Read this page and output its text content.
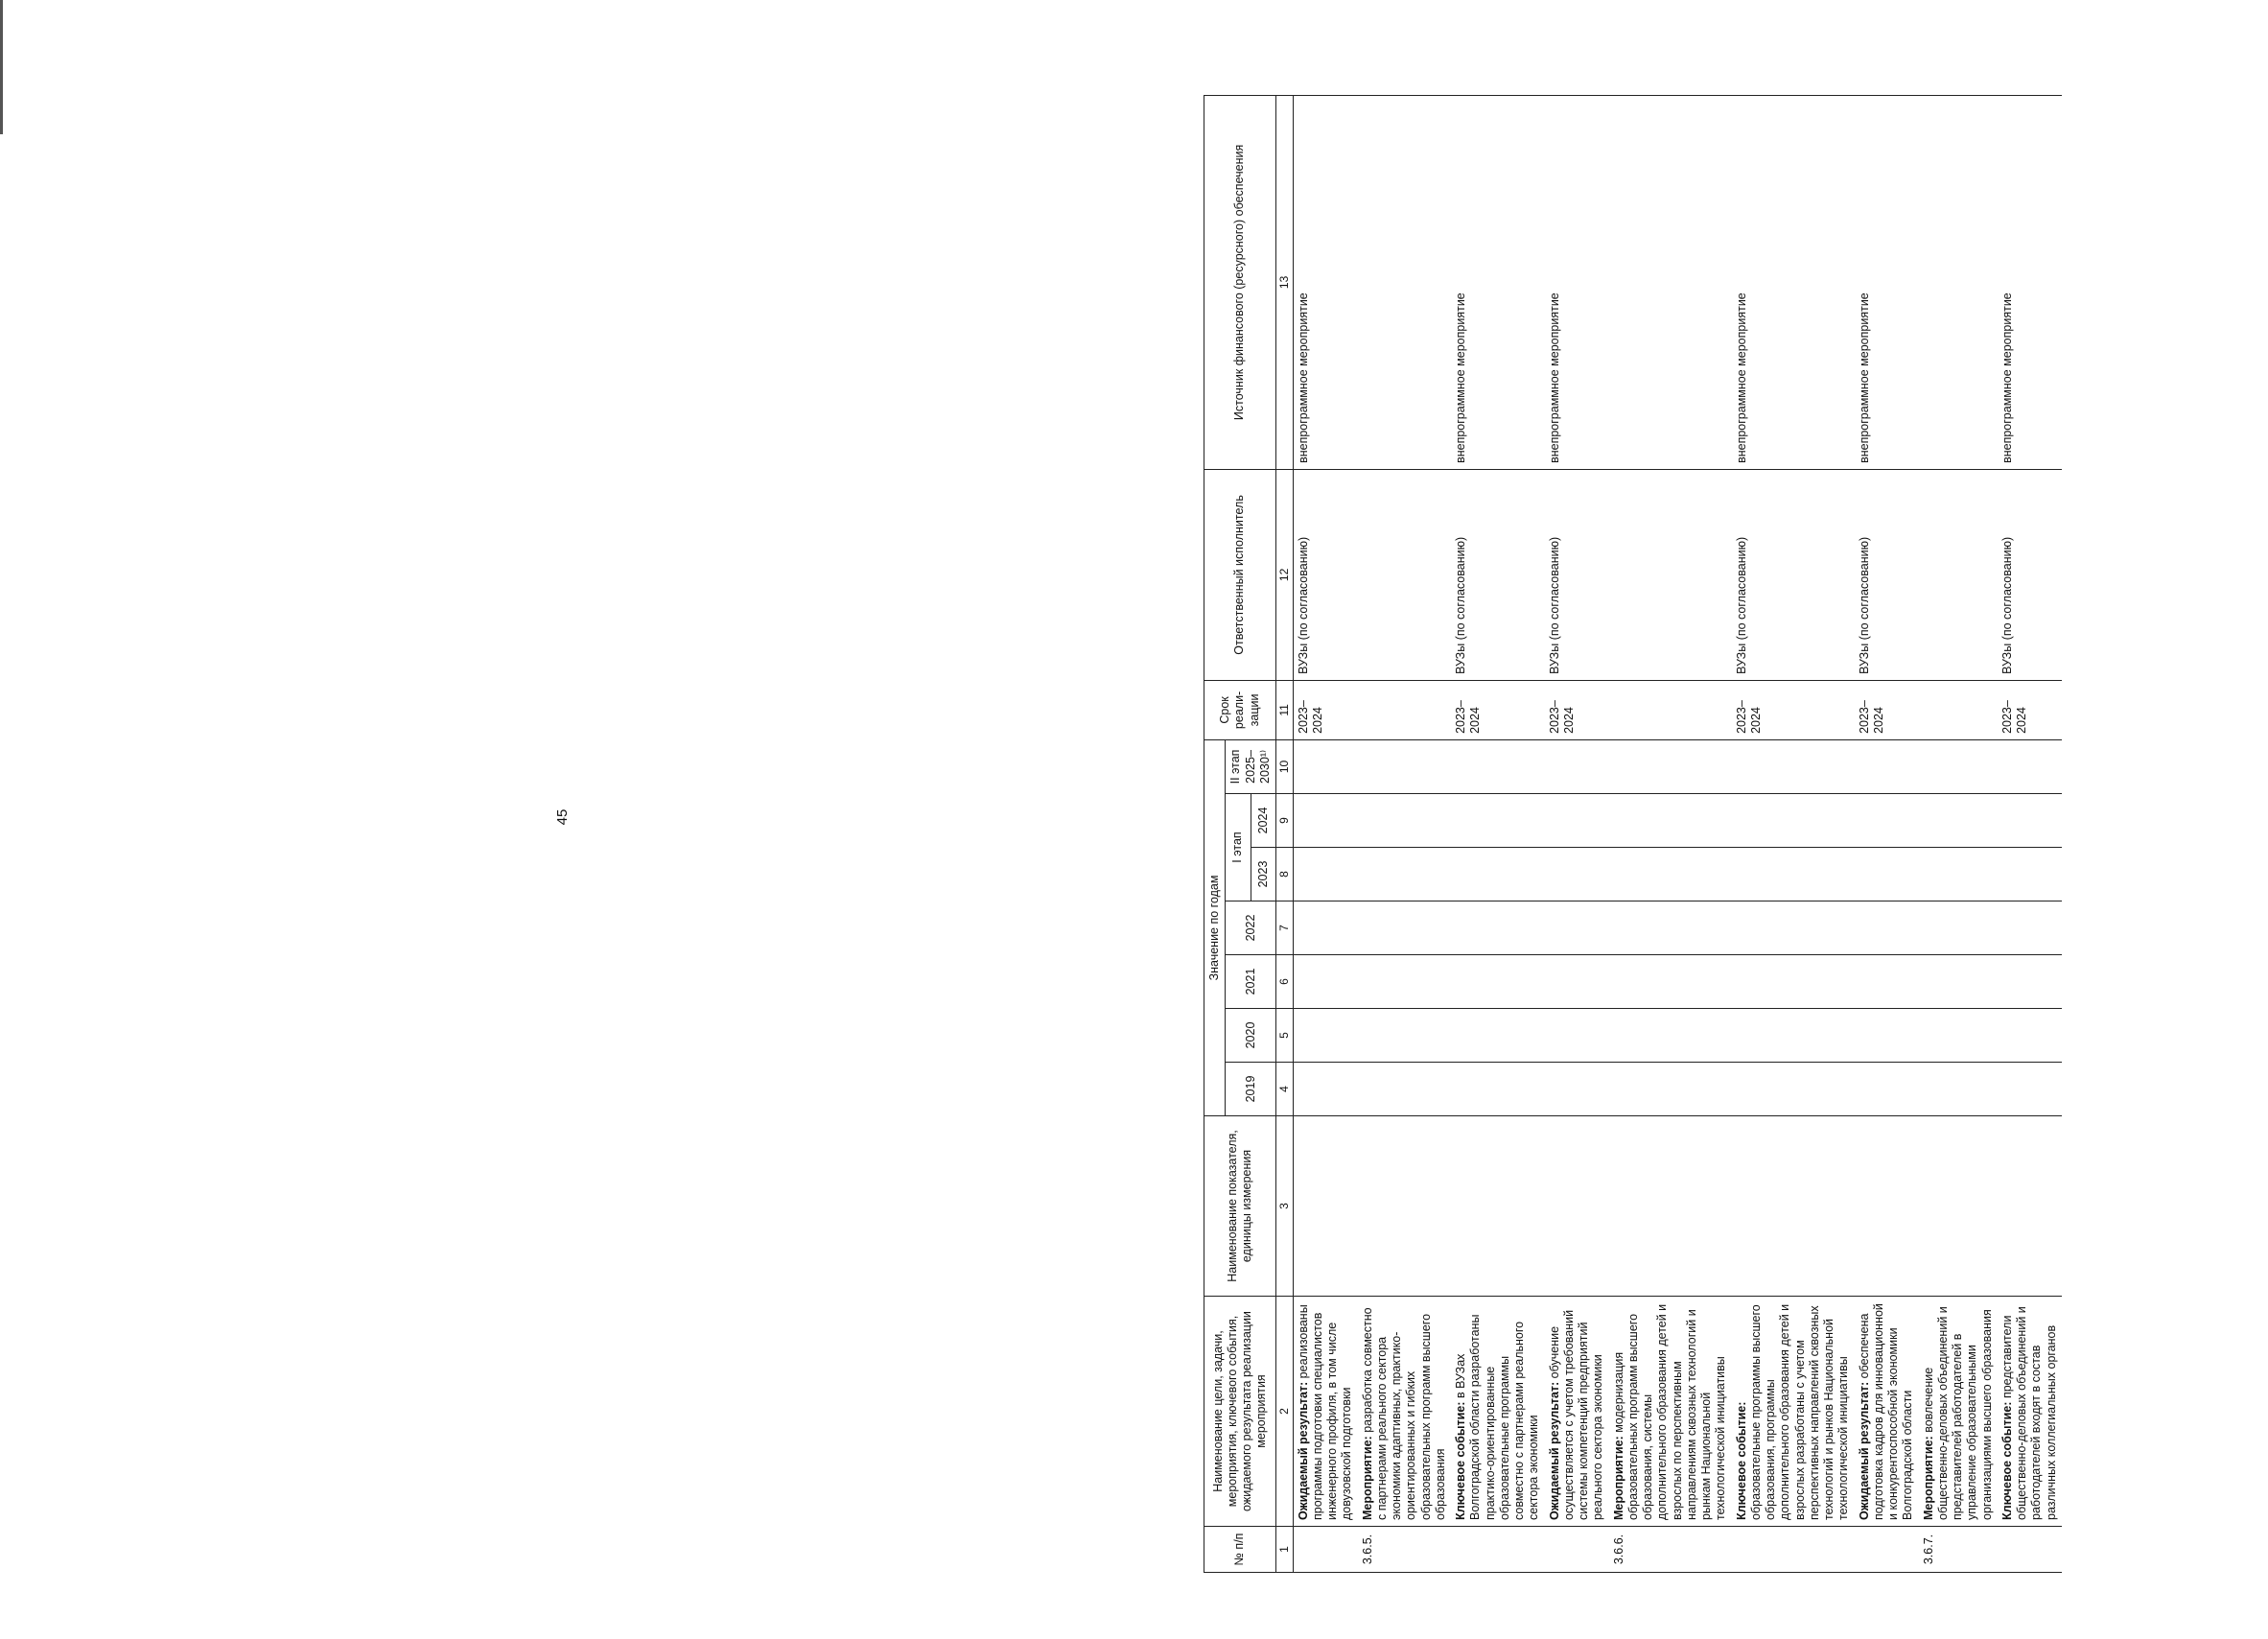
45
№ п/п	Наименование цели, задачи, мероприятия, ключевого события, ожидаемого результата реализации мероприятия	Наименование показателя, единицы измерения	Значение по годам							Срок реали-зации	Ответственный исполнитель	Источник финансового (ресурсного) обеспечения
			2019	2020	2021	2022	I этап		II этап 2025–2030¹⁾			
							2023	2024				
1	2	3	4	5	6	7	8	9	10	11	12	13
	Ожидаемый результат: реализованы программы подготовки специалистов инженерного профиля, в том числе довузовской подготовки									2023–2024	ВУЗы (по согласованию)	внепрограммное мероприятие
3.6.5.	Мероприятие: разработка совместно с партнерами реального сектора экономики адаптивных, практико-ориентированных и гибких образовательных программ высшего образования											
	Ключевое событие: в ВУЗах Волгоградской области разработаны практико-ориентированные образовательные программы совместно с партнерами реального сектора экономики									2023–2024	ВУЗы (по согласованию)	внепрограммное мероприятие
	Ожидаемый результат: обучение осуществляется с учетом требований системы компетенций предприятий реального сектора экономики									2023–2024	ВУЗы (по согласованию)	внепрограммное мероприятие
3.6.6.	Мероприятие: модернизация образовательных программ высшего образования, системы дополнительного образования детей и взрослых по перспективным направлениям сквозных технологий и рынкам Национальной технологической инициативы											
	Ключевое событие: образовательные программы высшего образования, программы дополнительного образования детей и взрослых разработаны с учетом перспективных направлений сквозных технологий и рынков Национальной технологической инициативы									2023–2024	ВУЗы (по согласованию)	внепрограммное мероприятие
	Ожидаемый результат: обеспечена подготовка кадров для инновационной и конкурентоспособной экономики Волгоградской области									2023–2024	ВУЗы (по согласованию)	внепрограммное мероприятие
3.6.7.	Мероприятие: вовлечение общественно-деловых объединений и представителей работодателей в управление образовательными организациями высшего образования											
	Ключевое событие: представители общественно-деловых объединений и работодателей входят в состав различных коллегиальных органов									2023–2024	ВУЗы (по согласованию)	внепрограммное мероприятие
